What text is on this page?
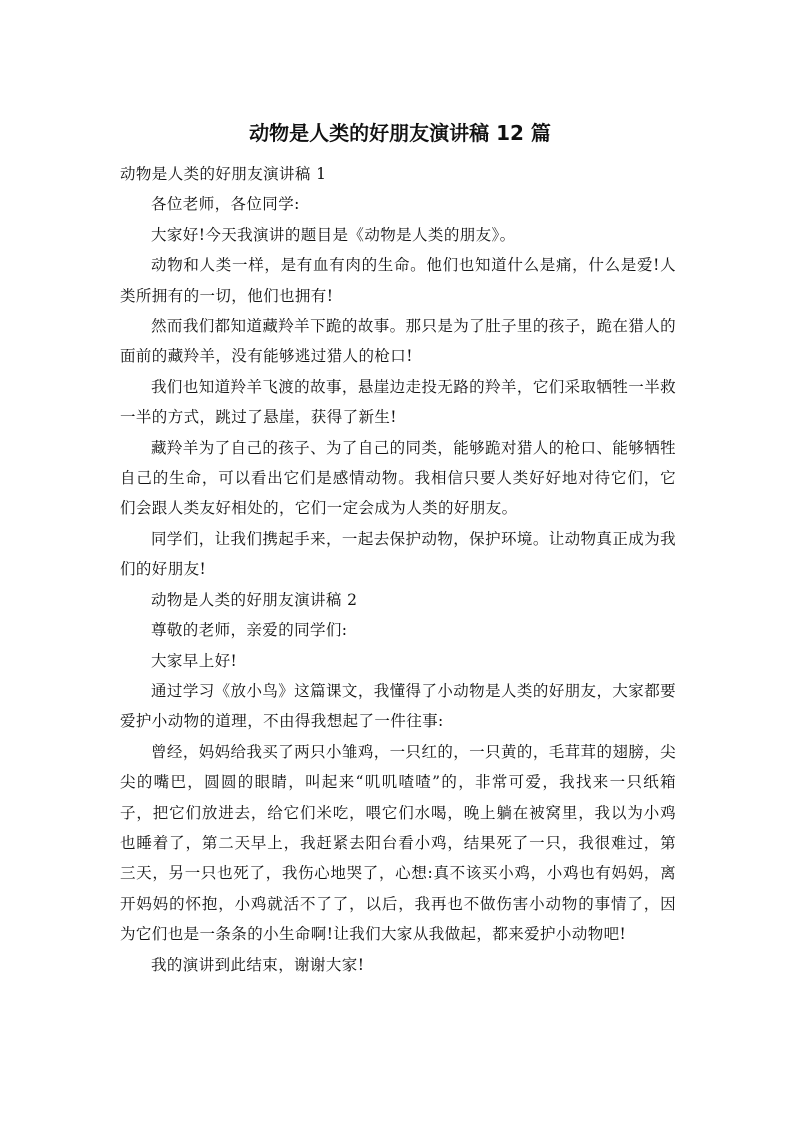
动物是人类的好朋友演讲稿 12 篇

动物是人类的好朋友演讲稿 1

各位老师，各位同学:

大家好!今天我演讲的题目是《动物是人类的朋友》。

动物和人类一样，是有血有肉的生命。他们也知道什么是痛，什么是爱!人类所拥有的一切，他们也拥有!

然而我们都知道藏羚羊下跪的故事。那只是为了肚子里的孩子，跪在猎人的面前的藏羚羊，没有能够逃过猎人的枪口!

我们也知道羚羊飞渡的故事，悬崖边走投无路的羚羊，它们采取牺牲一半救一半的方式，跳过了悬崖，获得了新生!

藏羚羊为了自己的孩子、为了自己的同类，能够跪对猎人的枪口、能够牺牲自己的生命，可以看出它们是感情动物。我相信只要人类好好地对待它们，它们会跟人类友好相处的，它们一定会成为人类的好朋友。

同学们，让我们携起手来，一起去保护动物，保护环境。让动物真正成为我们的好朋友!

动物是人类的好朋友演讲稿 2

尊敬的老师，亲爱的同学们:

大家早上好!

通过学习《放小鸟》这篇课文，我懂得了小动物是人类的好朋友，大家都要爱护小动物的道理，不由得我想起了一件往事:

曾经，妈妈给我买了两只小雏鸡，一只红的，一只黄的，毛茸茸的翅膀，尖尖的嘴巴，圆圆的眼睛，叫起来“叽叽喳喳”的，非常可爱，我找来一只纸箱子，把它们放进去，给它们米吃，喂它们水喝，晚上躺在被窝里，我以为小鸡也睡着了，第二天早上，我赶紧去阳台看小鸡，结果死了一只，我很难过，第三天，另一只也死了，我伤心地哭了，心想:真不该买小鸡，小鸡也有妈妈，离开妈妈的怀抱，小鸡就活不了了，以后，我再也不做伤害小动物的事情了，因为它们也是一条条的小生命啊!让我们大家从我做起，都来爱护小动物吧!

我的演讲到此结束，谢谢大家!
